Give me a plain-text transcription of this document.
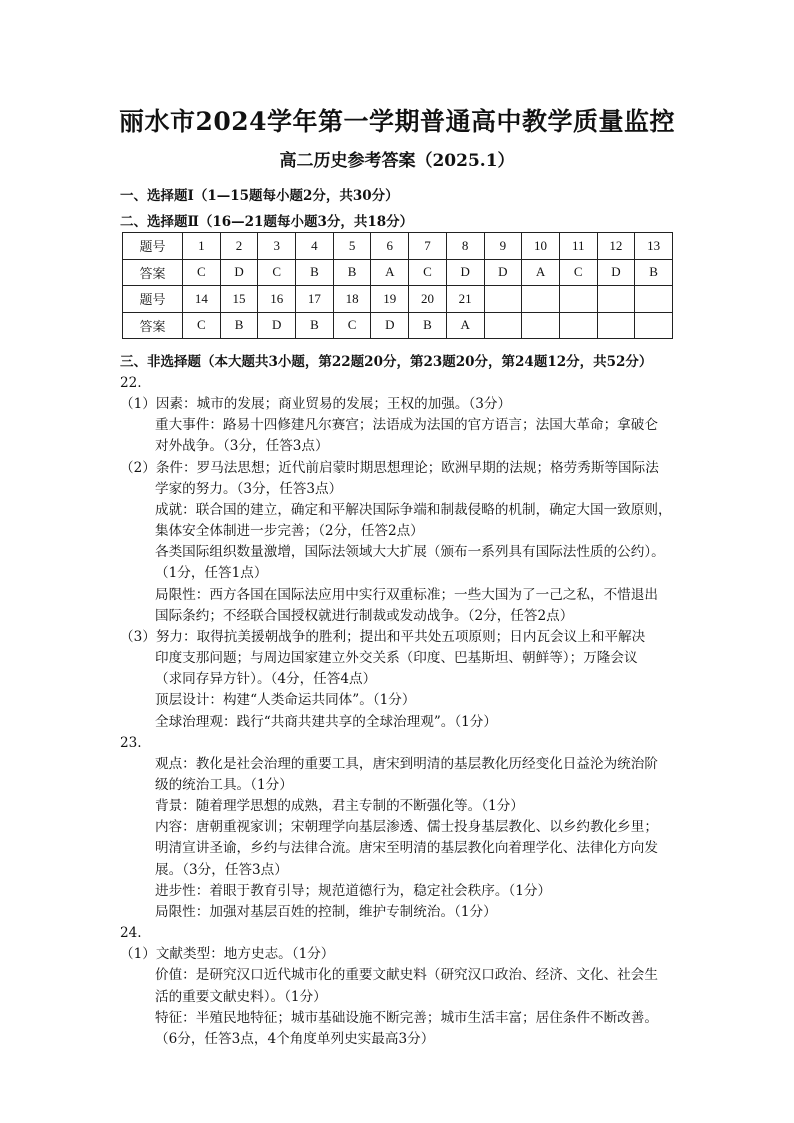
丽水市2024学年第一学期普通高中教学质量监控
高二历史参考答案（2025.1）
一、选择题Ⅰ（1—15题每小题2分，共30分）
二、选择题Ⅱ（16—21题每小题3分，共18分）
题号	1	2	3	4	5	6	7	8	9	10	11	12	13
答案	C	D	C	B	B	A	C	D	D	A	C	D	B
题号	14	15	16	17	18	19	20	21					
答案	C	B	D	B	C	D	B	A					
三、非选择题（本大题共3小题，第22题20分，第23题20分，第24题12分，共52分）
22.
（1）因素：城市的发展；商业贸易的发展；王权的加强。（3分）
重大事件：路易十四修建凡尔赛宫；法语成为法国的官方语言；法国大革命；拿破仑
对外战争。（3分，任答3点）
（2）条件：罗马法思想；近代前启蒙时期思想理论；欧洲早期的法规；格劳秀斯等国际法
学家的努力。（3分，任答3点）
成就：联合国的建立，确定和平解决国际争端和制裁侵略的机制，确定大国一致原则，
集体安全体制进一步完善；（2分，任答2点）
各类国际组织数量激增，国际法领域大大扩展（颁布一系列具有国际法性质的公约）。
（1分，任答1点）
局限性：西方各国在国际法应用中实行双重标准；一些大国为了一己之私，不惜退出
国际条约；不经联合国授权就进行制裁或发动战争。（2分，任答2点）
（3）努力：取得抗美援朝战争的胜利；提出和平共处五项原则；日内瓦会议上和平解决
印度支那问题；与周边国家建立外交关系（印度、巴基斯坦、朝鲜等）；万隆会议
（求同存异方针）。（4分，任答4点）
顶层设计：构建“人类命运共同体”。（1分）
全球治理观：践行“共商共建共享的全球治理观”。（1分）
23.
观点：教化是社会治理的重要工具，唐宋到明清的基层教化历经变化日益沦为统治阶
级的统治工具。（1分）
背景：随着理学思想的成熟，君主专制的不断强化等。（1分）
内容：唐朝重视家训；宋朝理学向基层渗透、儒士投身基层教化、以乡约教化乡里；
明清宣讲圣谕，乡约与法律合流。唐宋至明清的基层教化向着理学化、法律化方向发
展。（3分，任答3点）
进步性：着眼于教育引导；规范道德行为，稳定社会秩序。（1分）
局限性：加强对基层百姓的控制，维护专制统治。（1分）
24.
（1）文献类型：地方史志。（1分）
价值：是研究汉口近代城市化的重要文献史料（研究汉口政治、经济、文化、社会生
活的重要文献史料）。（1分）
特征：半殖民地特征；城市基础设施不断完善；城市生活丰富；居住条件不断改善。
（6分，任答3点，4个角度单列史实最高3分）
